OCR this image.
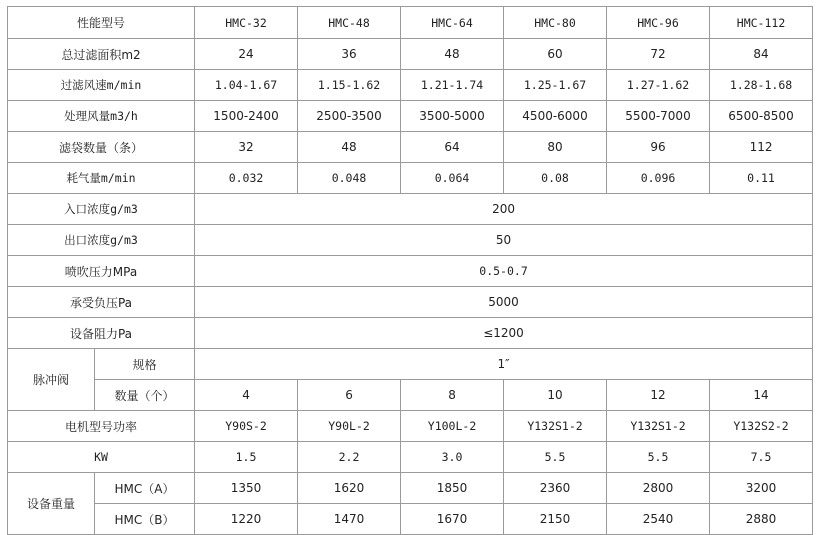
性能型号		HMC-32	HMC-48	HMC-64	HMC-80	HMC-96	HMC-112
总过滤面积m2		24	36	48	60	72	84
过滤风速m/min		1.04-1.67	1.15-1.62	1.21-1.74	1.25-1.67	1.27-1.62	1.28-1.68
处理风量m3/h		1500-2400	2500-3500	3500-5000	4500-6000	5500-7000	6500-8500
滤袋数量（条）		32	48	64	80	96	112
耗气量m/min		0.032	0.048	0.064	0.08	0.096	0.11
入口浓度g/m3		200					
出口浓度g/m3		50					
喷吹压力MPa		0.5-0.7					
承受负压Pa		5000					
设备阻力Pa		≤1200					
脉冲阀	规格	1″					
	数量（个）	4	6	8	10	12	14
电机型号功率		Y90S-2	Y90L-2	Y100L-2	Y132S1-2	Y132S1-2	Y132S2-2
KW		1.5	2.2	3.0	5.5	5.5	7.5
设备重量	HMC（A）	1350	1620	1850	2360	2800	3200
	HMC（B）	1220	1470	1670	2150	2540	2880
